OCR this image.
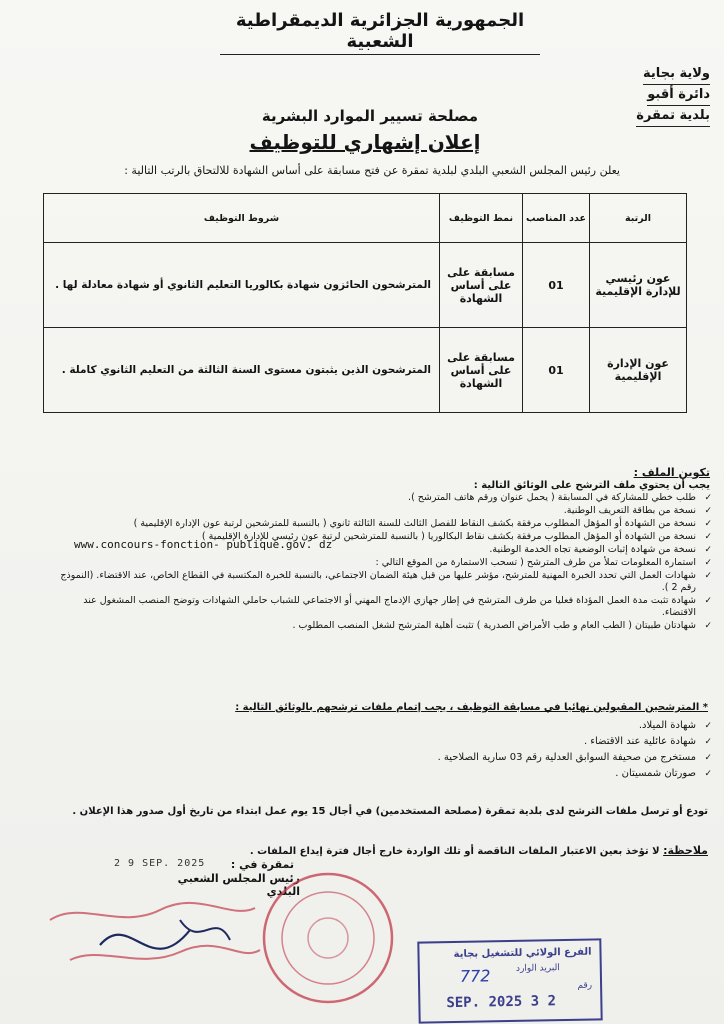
الجمهورية الجزائرية الديمقراطية الشعبية
ولاية بجاية
دائرة أقبو
بلدية تمقرة
مصلحة تسيير الموارد البشرية
إعلان إشهاري للتوظيف
يعلن رئيس المجلس الشعبي البلدي لبلدية تمقرة عن فتح مسابقة على أساس الشهادة للالتحاق بالرتب التالية :
الرتبة	عدد المناصب	نمط التوظيف	شروط التوظيف
عون رئيسي للإدارة الإقليمية	01	مسابقة على على أساس الشهادة	المترشحون الحائزون شهادة بكالوريا التعليم الثانوي أو شهادة معادلة لها .
عون الإدارة الإقليمية	01	مسابقة على على أساس الشهادة	المترشحون الذين يثبتون مستوى السنة الثالثة من التعليم الثانوي كاملة .
تكوين الملف :
يجب أن يحتوي ملف الترشح على الوثائق التالية :
✓ طلب خطي للمشاركة في المسابقة ( يحمل عنوان ورقم هاتف المترشح ).
✓ نسخة من بطاقة التعريف الوطنية.
✓ نسخة من الشهادة أو المؤهل المطلوب مرفقة بكشف النقاط للفصل الثالث للسنة الثالثة ثانوي ( بالنسبة للمترشحين لرتبة عون الإدارة الإقليمية )
✓ نسخة من الشهادة أو المؤهل المطلوب مرفقة بكشف نقاط البكالوريا ( بالنسبة للمترشحين لرتبة عون رئيسي للإدارة الإقليمية )
✓ نسخة من شهادة إثبات الوضعية تجاه الخدمة الوطنية.
✓ استمارة المعلومات تملأ من طرف المترشح ( تسحب الاستمارة من الموقع التالي :
✓ شهادات العمل التي تحدد الخبرة المهنية للمترشح، مؤشر عليها من قبل هيئة الضمان الاجتماعي، بالنسبة للخبرة المكتسبة في القطاع الخاص، عند الاقتضاء. (النموذج رقم 2 ).
✓ شهادة تثبت مدة العمل المؤداة فعليا من طرف المترشح في إطار جهازي الإدماج المهني أو الاجتماعي للشباب حاملي الشهادات وتوضح المنصب المشغول عند الاقتضاء.
✓ شهادتان طبيتان ( الطب العام و طب الأمراض الصدرية ) تثبت أهلية المترشح لشغل المنصب المطلوب .
www.concours-fonction- publique.gov. dz
* المترشحين المقبولين نهائيا في مسابقة التوظيف ، يجب إتمام ملفات ترشحهم بالوثائق التالية :
✓ شهادة الميلاد.
✓ شهادة عائلية عند الاقتضاء .
✓ مستخرج من صحيفة السوابق العدلية رقم 03 سارية الصلاحية .
✓ صورتان شمسيتان .
تودع أو ترسل ملفات الترشح لدى بلدية تمقرة (مصلحة المستخدمين) في أجال 15 يوم عمل ابتداء من تاريخ أول صدور هذا الإعلان .
ملاحظة: لا تؤخذ بعين الاعتبار الملفات الناقصة أو تلك الواردة خارج أجال فترة إيداع الملفات .
2 9 SEP. 2025	تمقرة في :
رئيس المجلس الشعبي البلدي
الفرع الولائي للتشغيل بجاية
البريد الوارد
رقم
772
2 3 SEP. 2025
